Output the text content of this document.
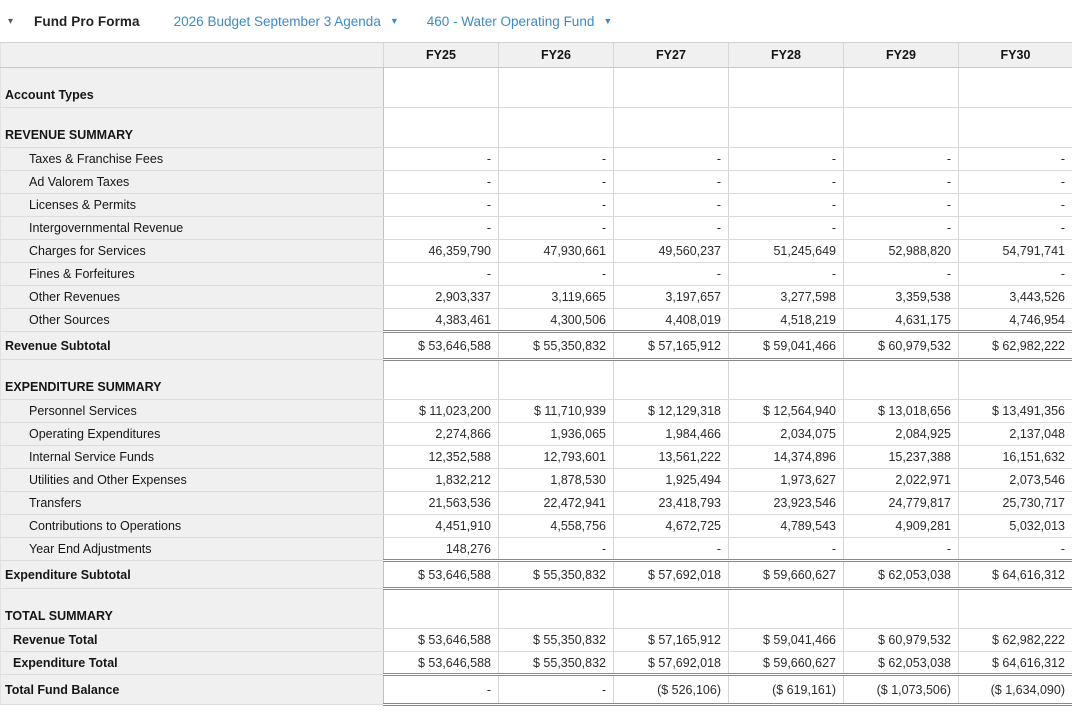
▾	Fund Pro Forma	2026 Budget September 3 Agenda ▼ 460 - Water Operating Fund ▼
	FY25	FY26	FY27	FY28	FY29	FY30
Account Types						
REVENUE SUMMARY						
Taxes & Franchise Fees	-	-	-	-	-	-
Ad Valorem Taxes	-	-	-	-	-	-
Licenses & Permits	-	-	-	-	-	-
Intergovernmental Revenue	-	-	-	-	-	-
Charges for Services	46,359,790	47,930,661	49,560,237	51,245,649	52,988,820	54,791,741
Fines & Forfeitures	-	-	-	-	-	-
Other Revenues	2,903,337	3,119,665	3,197,657	3,277,598	3,359,538	3,443,526
Other Sources	4,383,461	4,300,506	4,408,019	4,518,219	4,631,175	4,746,954
Revenue Subtotal	$ 53,646,588	$ 55,350,832	$ 57,165,912	$ 59,041,466	$ 60,979,532	$ 62,982,222
EXPENDITURE SUMMARY						
Personnel Services	$ 11,023,200	$ 11,710,939	$ 12,129,318	$ 12,564,940	$ 13,018,656	$ 13,491,356
Operating Expenditures	2,274,866	1,936,065	1,984,466	2,034,075	2,084,925	2,137,048
Internal Service Funds	12,352,588	12,793,601	13,561,222	14,374,896	15,237,388	16,151,632
Utilities and Other Expenses	1,832,212	1,878,530	1,925,494	1,973,627	2,022,971	2,073,546
Transfers	21,563,536	22,472,941	23,418,793	23,923,546	24,779,817	25,730,717
Contributions to Operations	4,451,910	4,558,756	4,672,725	4,789,543	4,909,281	5,032,013
Year End Adjustments	148,276	-	-	-	-	-
Expenditure Subtotal	$ 53,646,588	$ 55,350,832	$ 57,692,018	$ 59,660,627	$ 62,053,038	$ 64,616,312
TOTAL SUMMARY						
Revenue Total	$ 53,646,588	$ 55,350,832	$ 57,165,912	$ 59,041,466	$ 60,979,532	$ 62,982,222
Expenditure Total	$ 53,646,588	$ 55,350,832	$ 57,692,018	$ 59,660,627	$ 62,053,038	$ 64,616,312
Total Fund Balance	-	-	($ 526,106)	($ 619,161)	($ 1,073,506)	($ 1,634,090)
